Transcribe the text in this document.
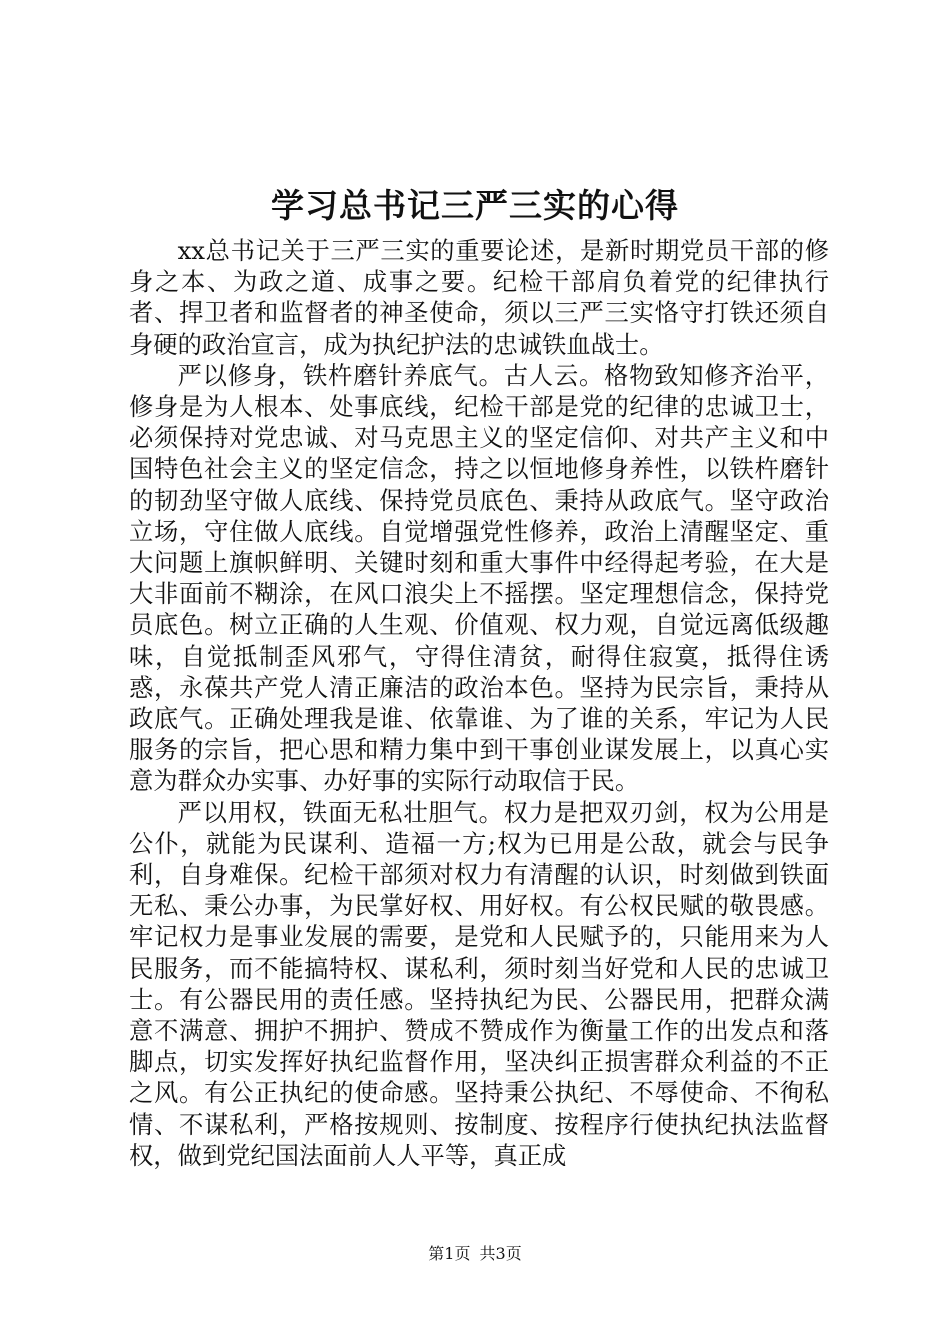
学习总书记三严三实的心得

xx总书记关于三严三实的重要论述，是新时期党员干部的修身之本、为政之道、成事之要。纪检干部肩负着党的纪律执行者、捍卫者和监督者的神圣使命，须以三严三实恪守打铁还须自身硬的政治宣言，成为执纪护法的忠诚铁血战士。

严以修身，铁杵磨针养底气。古人云。格物致知修齐治平，修身是为人根本、处事底线，纪检干部是党的纪律的忠诚卫士，必须保持对党忠诚、对马克思主义的坚定信仰、对共产主义和中国特色社会主义的坚定信念，持之以恒地修身养性，以铁杵磨针的韧劲坚守做人底线、保持党员底色、秉持从政底气。坚守政治立场，守住做人底线。自觉增强党性修养，政治上清醒坚定、重大问题上旗帜鲜明、关键时刻和重大事件中经得起考验，在大是大非面前不糊涂，在风口浪尖上不摇摆。坚定理想信念，保持党员底色。树立正确的人生观、价值观、权力观，自觉远离低级趣味，自觉抵制歪风邪气，守得住清贫，耐得住寂寞，抵得住诱惑，永葆共产党人清正廉洁的政治本色。坚持为民宗旨，秉持从政底气。正确处理我是谁、依靠谁、为了谁的关系，牢记为人民服务的宗旨，把心思和精力集中到干事创业谋发展上，以真心实意为群众办实事、办好事的实际行动取信于民。

严以用权，铁面无私壮胆气。权力是把双刃剑，权为公用是公仆，就能为民谋利、造福一方;权为已用是公敌，就会与民争利，自身难保。纪检干部须对权力有清醒的认识，时刻做到铁面无私、秉公办事，为民掌好权、用好权。有公权民赋的敬畏感。牢记权力是事业发展的需要，是党和人民赋予的，只能用来为人民服务，而不能搞特权、谋私利，须时刻当好党和人民的忠诚卫士。有公器民用的责任感。坚持执纪为民、公器民用，把群众满意不满意、拥护不拥护、赞成不赞成作为衡量工作的出发点和落脚点，切实发挥好执纪监督作用，坚决纠正损害群众利益的不正之风。有公正执纪的使命感。坚持秉公执纪、不辱使命、不徇私情、不谋私利，严格按规则、按制度、按程序行使执纪执法监督权，做到党纪国法面前人人平等，真正成

第1页 共3页
